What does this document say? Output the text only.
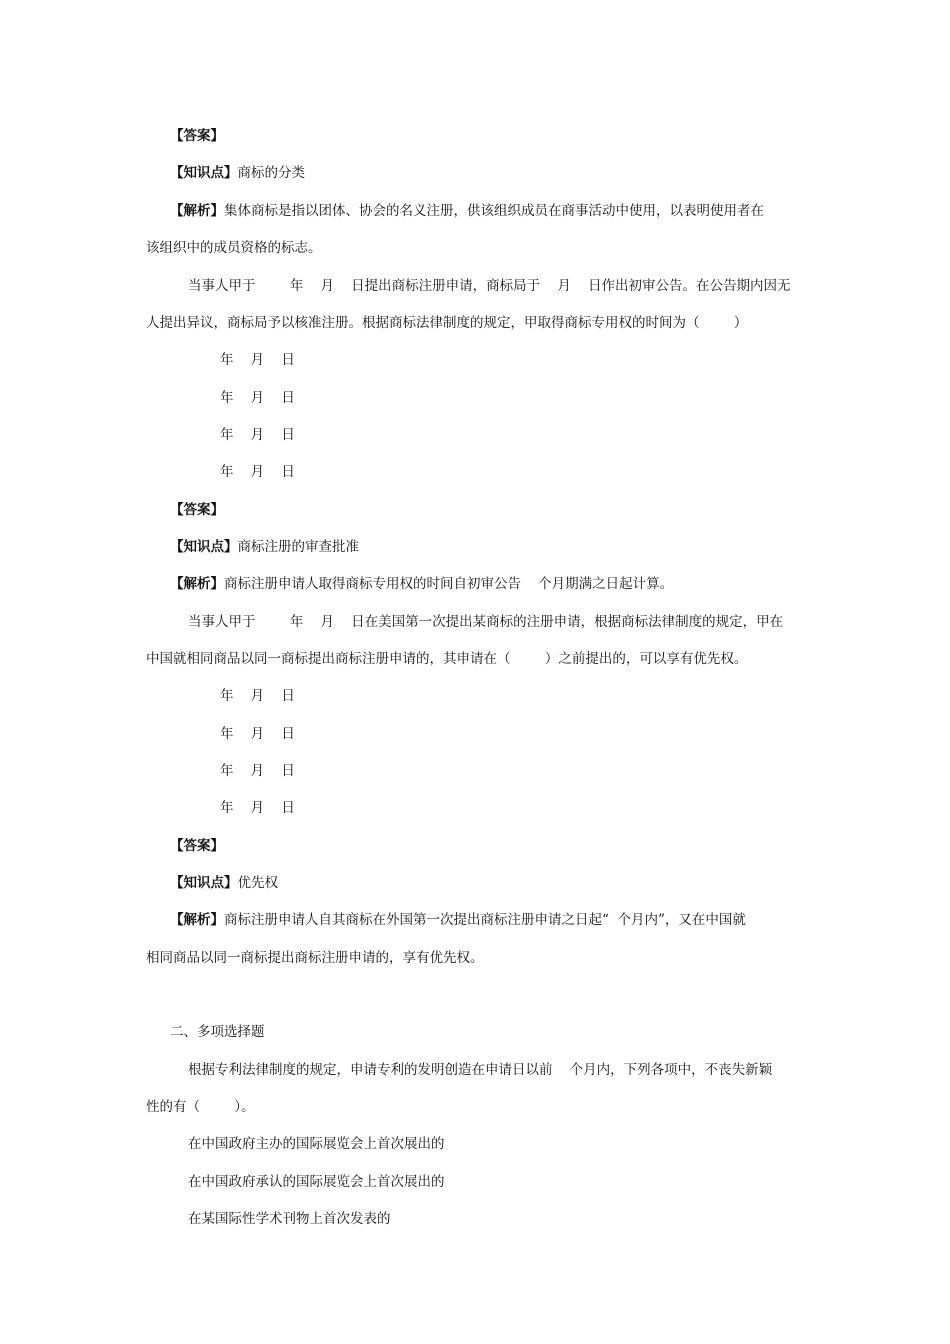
【答案】
【知识点】商标的分类
【解析】集体商标是指以团体、协会的名义注册，供该组织成员在商事活动中使用，以表明使用者在
该组织中的成员资格的标志。
当事人甲于        年    月    日提出商标注册申请，商标局于    月    日作出初审公告。在公告期内因无
人提出异议，商标局予以核准注册。根据商标法律制度的规定，甲取得商标专用权的时间为（        ）
年    月    日
年    月    日
年    月    日
年    月    日
【答案】
【知识点】商标注册的审查批准
【解析】商标注册申请人取得商标专用权的时间自初审公告    个月期满之日起计算。
当事人甲于        年    月    日在美国第一次提出某商标的注册申请，根据商标法律制度的规定，甲在
中国就相同商品以同一商标提出商标注册申请的，其申请在（        ）之前提出的，可以享有优先权。
年    月    日
年    月    日
年    月    日
年    月    日
【答案】
【知识点】优先权
【解析】商标注册申请人自其商标在外国第一次提出商标注册申请之日起“  个月内”，又在中国就
相同商品以同一商标提出商标注册申请的，享有优先权。
二、多项选择题
根据专利法律制度的规定，申请专利的发明创造在申请日以前    个月内，下列各项中，不丧失新颖
性的有（        ）。
在中国政府主办的国际展览会上首次展出的
在中国政府承认的国际展览会上首次展出的
在某国际性学术刊物上首次发表的
